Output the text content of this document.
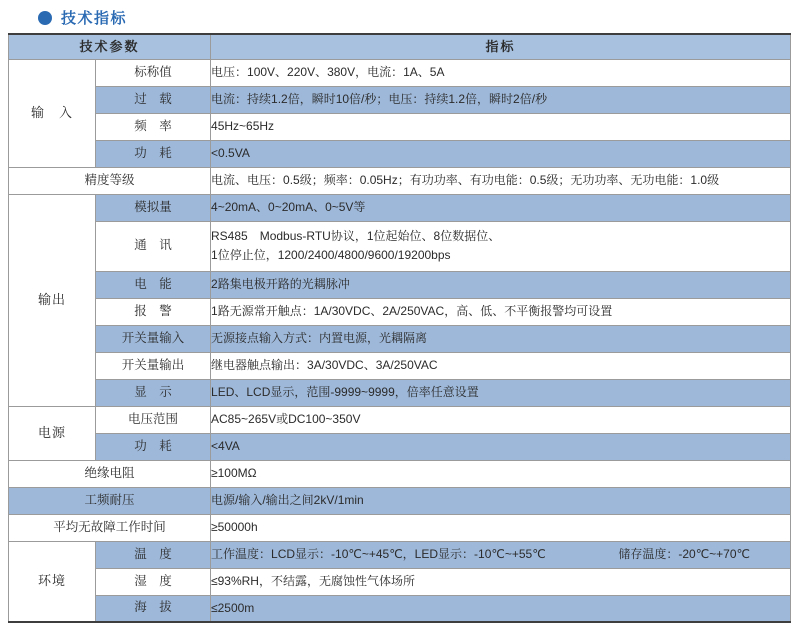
技术指标
技术参数		指标
输　入	标称值	电压：100V、220V、380V，电流：1A、5A
	过　载	电流：持续1.2倍，瞬时10倍/秒；电压：持续1.2倍，瞬时2倍/秒
	频　率	45Hz~65Hz
	功　耗	<0.5VA
精度等级		电流、电压：0.5级；频率：0.05Hz；有功功率、有功电能：0.5级；无功功率、无功电能：1.0级
输出	模拟量	4~20mA、0~20mA、0~5V等
	通　讯	RS485　Modbus-RTU协议，1位起始位、8位数据位、
1位停止位，1200/2400/4800/9600/19200bps

	电　能	2路集电极开路的光耦脉冲
	报　警	1路无源常开触点：1A/30VDC、2A/250VAC，高、低、不平衡报警均可设置
	开关量输入	无源接点输入方式：内置电源，光耦隔离
	开关量输出	继电器触点输出：3A/30VDC、3A/250VAC
	显　示	LED、LCD显示，范围-9999~9999，倍率任意设置
电源	电压范围	AC85~265V或DC100~350V
	功　耗	<4VA
绝缘电阻		≥100MΩ
工频耐压		电源/输入/输出之间2kV/1min
平均无故障工作时间		≥50000h
环境	温　度	工作温度：LCD显示：-10℃~+45℃，LED显示：-10℃~+55℃ 储存温度：-20℃~+70℃

	湿　度	≤93%RH，不结露，无腐蚀性气体场所
	海　拔	≤2500m
